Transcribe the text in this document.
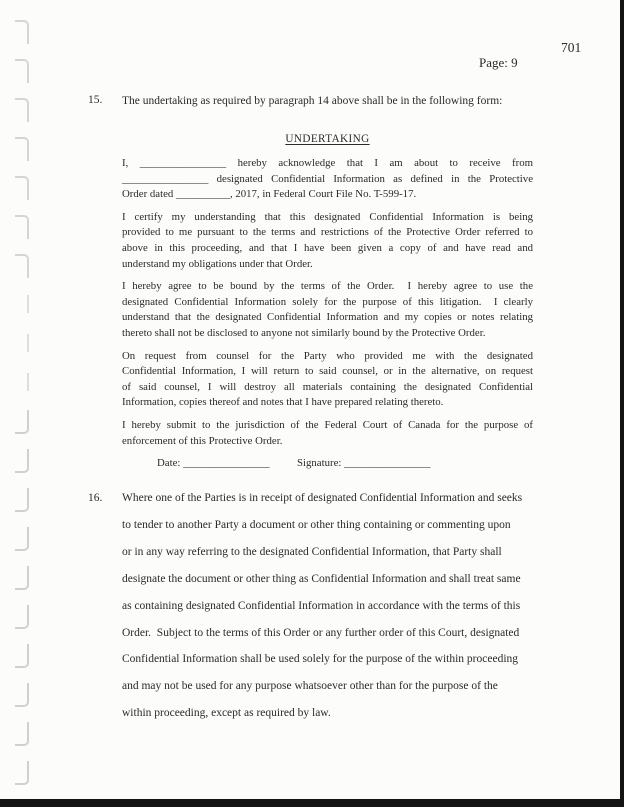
701
Page: 9
15. The undertaking as required by paragraph 14 above shall be in the following form:
UNDERTAKING
I, ________________ hereby acknowledge that I am about to receive from
________________ designated Confidential Information as defined in the Protective
Order dated __________, 2017, in Federal Court File No. T-599-17.
I certify my understanding that this designated Confidential Information is being
provided to me pursuant to the terms and restrictions of the Protective Order referred to
above in this proceeding, and that I have been given a copy of and have read and
understand my obligations under that Order.
I hereby agree to be bound by the terms of the Order.  I hereby agree to use the
designated Confidential Information solely for the purpose of this litigation.  I clearly
understand that the designated Confidential Information and my copies or notes relating
thereto shall not be disclosed to anyone not similarly bound by the Protective Order.
On request from counsel for the Party who provided me with the designated
Confidential Information, I will return to said counsel, or in the alternative, on request
of said counsel, I will destroy all materials containing the designated Confidential
Information, copies thereof and notes that I have prepared relating thereto.
I hereby submit to the jurisdiction of the Federal Court of Canada for the purpose of
enforcement of this Protective Order.
Date: ________________	Signature: ________________
16. Where one of the Parties is in receipt of designated Confidential Information and seeks
to tender to another Party a document or other thing containing or commenting upon
or in any way referring to the designated Confidential Information, that Party shall
designate the document or other thing as Confidential Information and shall treat same
as containing designated Confidential Information in accordance with the terms of this
Order.  Subject to the terms of this Order or any further order of this Court, designated
Confidential Information shall be used solely for the purpose of the within proceeding
and may not be used for any purpose whatsoever other than for the purpose of the
within proceeding, except as required by law.
